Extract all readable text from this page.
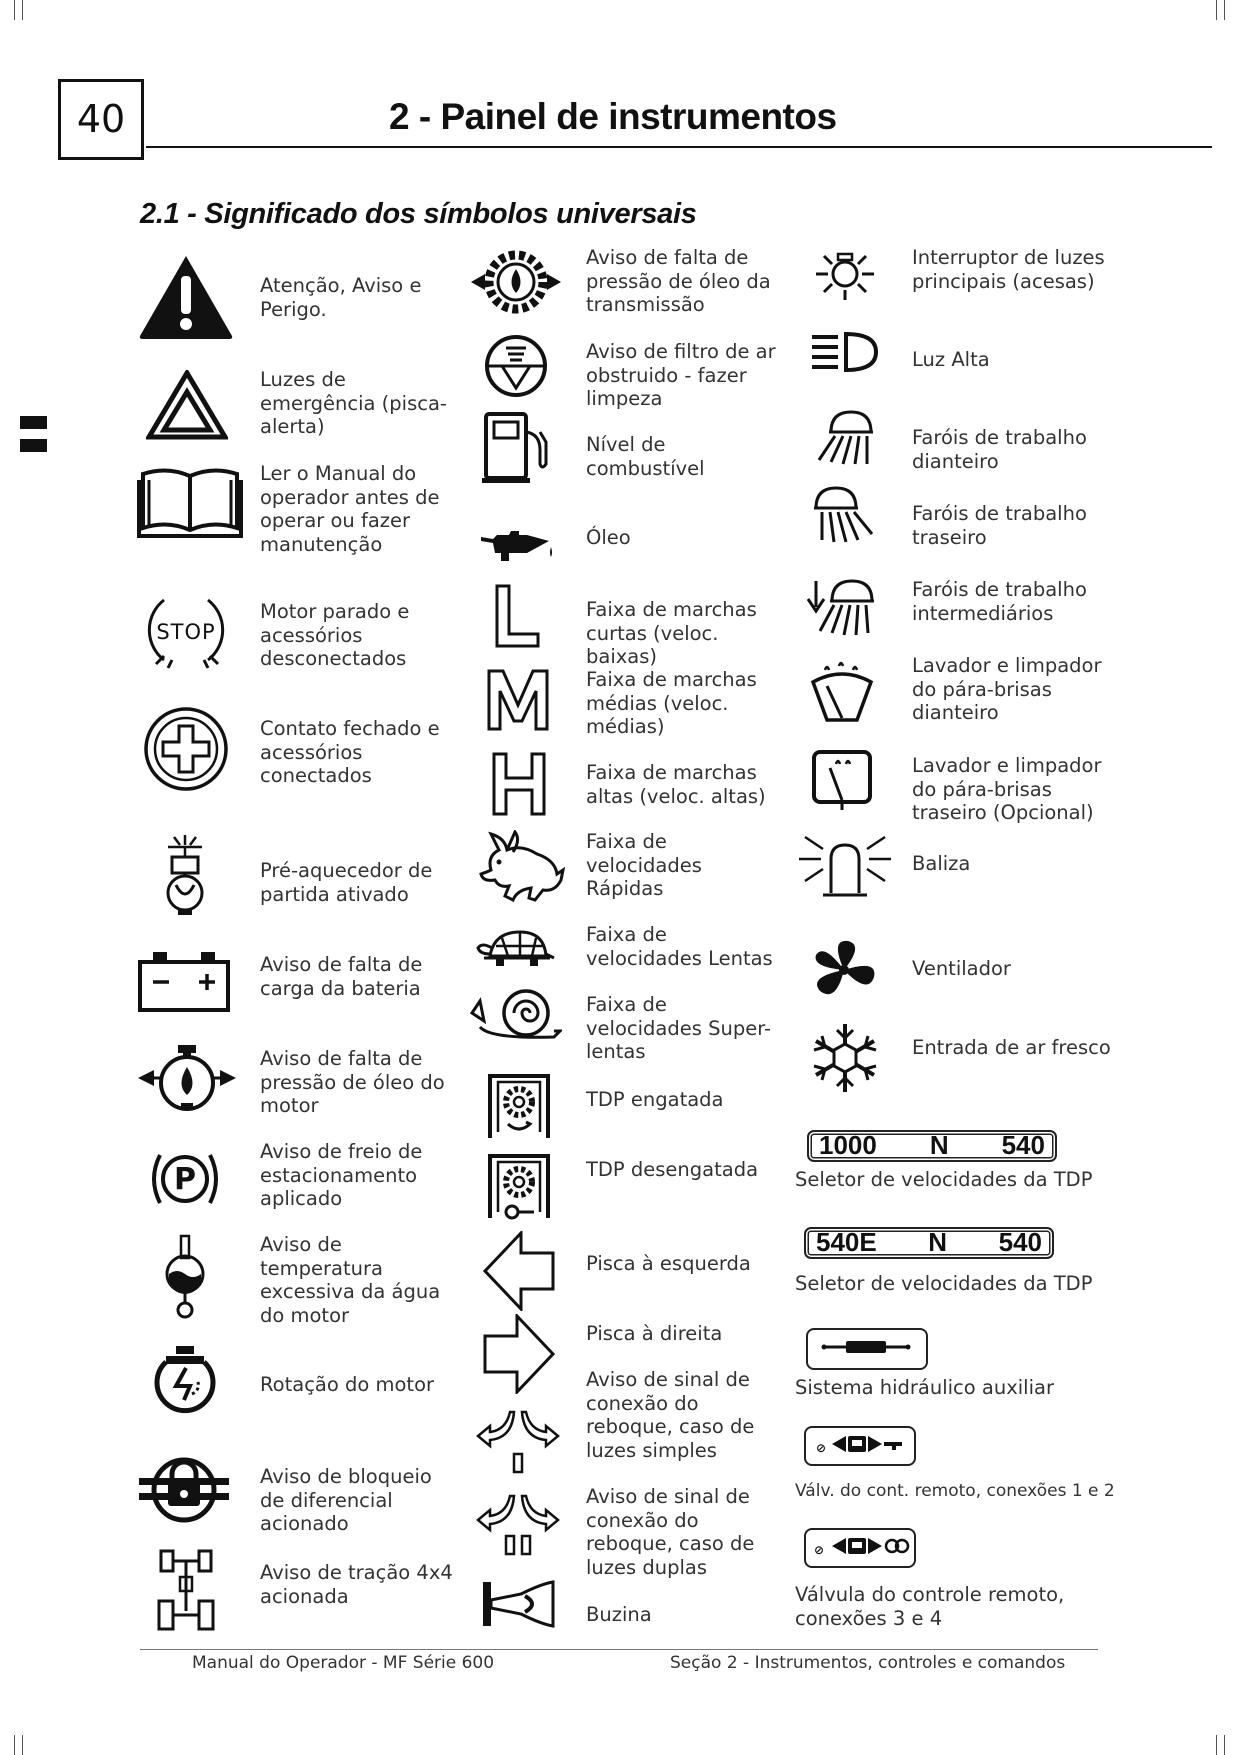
40	2 - Painel de instrumentos
2.1 - Significado dos símbolos universais
Atenção, Aviso e
Perigo.
Luzes de
emergência (pisca-
alerta)
Ler o Manual do
operador antes de
operar ou fazer
manutenção
STOP
Motor parado e
acessórios
desconectados
Contato fechado e
acessórios
conectados
Pré-aquecedor de
partida ativado
Aviso de falta de
carga da bateria
Aviso de falta de
pressão de óleo do
motor
P
Aviso de freio de
estacionamento
aplicado
Aviso de
temperatura
excessiva da água
do motor
Rotação do motor
Aviso de bloqueio
de diferencial
acionado
Aviso de tração 4x4
acionada
Aviso de falta de
pressão de óleo da
transmissão
Aviso de filtro de ar
obstruido - fazer
limpeza
Nível de
combustível
Óleo
Faixa de marchas
curtas (veloc.
baixas)
Faixa de marchas
médias (veloc.
médias)
Faixa de marchas
altas (veloc. altas)
Faixa de
velocidades
Rápidas
Faixa de
velocidades Lentas
Faixa de
velocidades Super-
lentas
TDP engatada
TDP desengatada
Pisca à esquerda
Pisca à direita
Aviso de sinal de
conexão do
reboque, caso de
luzes simples
Aviso de sinal de
conexão do
reboque, caso de
luzes duplas
Buzina
Interruptor de luzes
principais (acesas)
Luz Alta
Faróis de trabalho
dianteiro
Faróis de trabalho
traseiro
Faróis de trabalho
intermediários
Lavador e limpador
do pára-brisas
dianteiro
Lavador e limpador
do pára-brisas
traseiro (Opcional)
Baliza
Ventilador
Entrada de ar fresco
1000 N 540
Seletor de velocidades da TDP
540E N 540
Seletor de velocidades da TDP
Sistema hidráulico auxiliar
⊘
Válv. do cont. remoto, conexões 1 e 2
⊘
Válvula do controle remoto,
conexões 3 e 4
Manual do Operador - MF Série 600	Seção 2 - Instrumentos, controles e comandos
